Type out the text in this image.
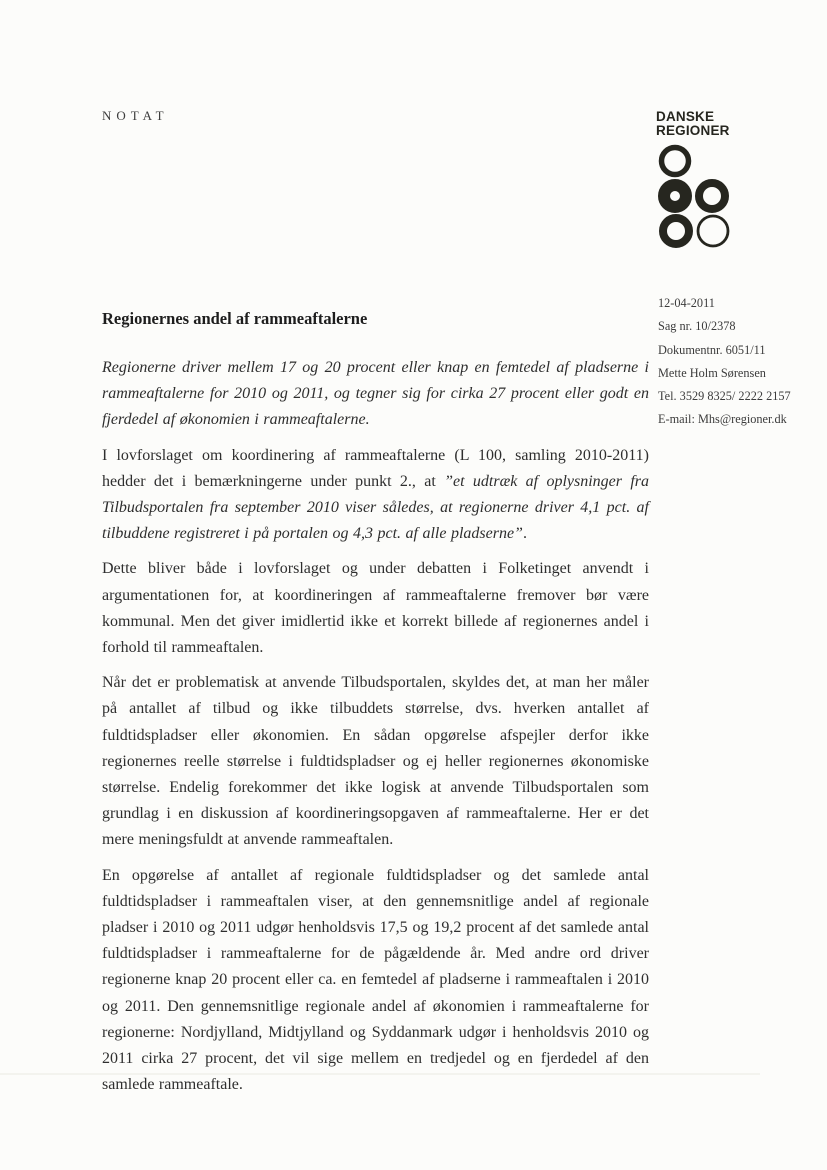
NOTAT	DANSKE
REGIONER
12-04-2011
Sag nr. 10/2378
Dokumentnr. 6051/11
Mette Holm Sørensen
Tel. 3529 8325/ 2222 2157
E-mail: Mhs@regioner.dk
Regionernes andel af rammeaftalerne

Regionerne driver mellem 17 og 20 procent eller knap en femtedel af pladserne i rammeaftalerne for 2010 og 2011, og tegner sig for cirka 27 procent eller godt en fjerdedel af økonomien i rammeaftalerne.

I lovforslaget om koordinering af rammeaftalerne (L 100, samling 2010-2011) hedder det i bemærkningerne under punkt 2., at ”et udtræk af oplysninger fra Tilbudsportalen fra september 2010 viser således, at regionerne driver 4,1 pct. af tilbuddene registreret i på portalen og 4,3 pct. af alle pladserne”.

Dette bliver både i lovforslaget og under debatten i Folketinget anvendt i argumentationen for, at koordineringen af rammeaftalerne fremover bør være kommunal. Men det giver imidlertid ikke et korrekt billede af regionernes andel i forhold til rammeaftalen.

Når det er problematisk at anvende Tilbudsportalen, skyldes det, at man her måler på antallet af tilbud og ikke tilbuddets størrelse, dvs. hverken antallet af fuldtidspladser eller økonomien. En sådan opgørelse afspejler derfor ikke regionernes reelle størrelse i fuldtidspladser og ej heller regionernes økonomiske størrelse. Endelig forekommer det ikke logisk at anvende Tilbudsportalen som grundlag i en diskussion af koordineringsopgaven af rammeaftalerne. Her er det mere meningsfuldt at anvende rammeaftalen.

En opgørelse af antallet af regionale fuldtidspladser og det samlede antal fuldtidspladser i rammeaftalen viser, at den gennemsnitlige andel af regionale pladser i 2010 og 2011 udgør henholdsvis 17,5 og 19,2 procent af det samlede antal fuldtidspladser i rammeaftalerne for de pågældende år. Med andre ord driver regionerne knap 20 procent eller ca. en femtedel af pladserne i rammeaftalen i 2010 og 2011. Den gennemsnitlige regionale andel af økonomien i rammeaftalerne for regionerne: Nordjylland, Midtjylland og Syddanmark udgør i henholdsvis 2010 og 2011 cirka 27 procent, det vil sige mellem en tredjedel og en fjerdedel af den samlede rammeaftale.
